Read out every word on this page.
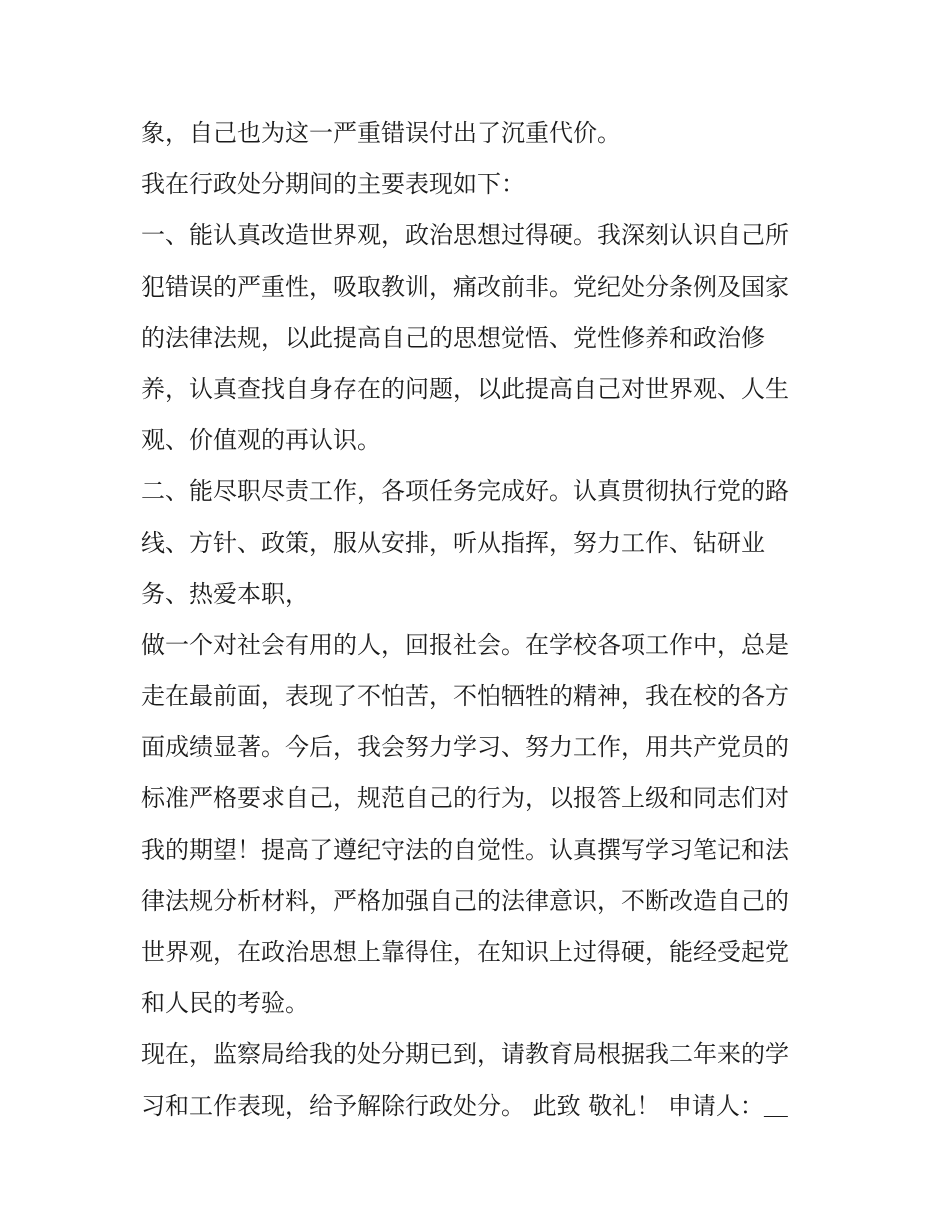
象，自己也为这一严重错误付出了沉重代价。
我在行政处分期间的主要表现如下：
一、能认真改造世界观，政治思想过得硬。我深刻认识自己所
犯错误的严重性，吸取教训，痛改前非。党纪处分条例及国家
的法律法规，以此提高自己的思想觉悟、党性修养和政治修
养，认真查找自身存在的问题，以此提高自己对世界观、人生
观、价值观的再认识。
二、能尽职尽责工作，各项任务完成好。认真贯彻执行党的路
线、方针、政策，服从安排，听从指挥，努力工作、钻研业
务、热爱本职，
做一个对社会有用的人，回报社会。在学校各项工作中，总是
走在最前面，表现了不怕苦，不怕牺牲的精神，我在校的各方
面成绩显著。今后，我会努力学习、努力工作，用共产党员的
标准严格要求自己，规范自己的行为，以报答上级和同志们对
我的期望！提高了遵纪守法的自觉性。认真撰写学习笔记和法
律法规分析材料，严格加强自己的法律意识，不断改造自己的
世界观，在政治思想上靠得住，在知识上过得硬，能经受起党
和人民的考验。
现在，监察局给我的处分期已到，请教育局根据我二年来的学
习和工作表现，给予解除行政处分。 此致 敬礼！ 申请人：＿
